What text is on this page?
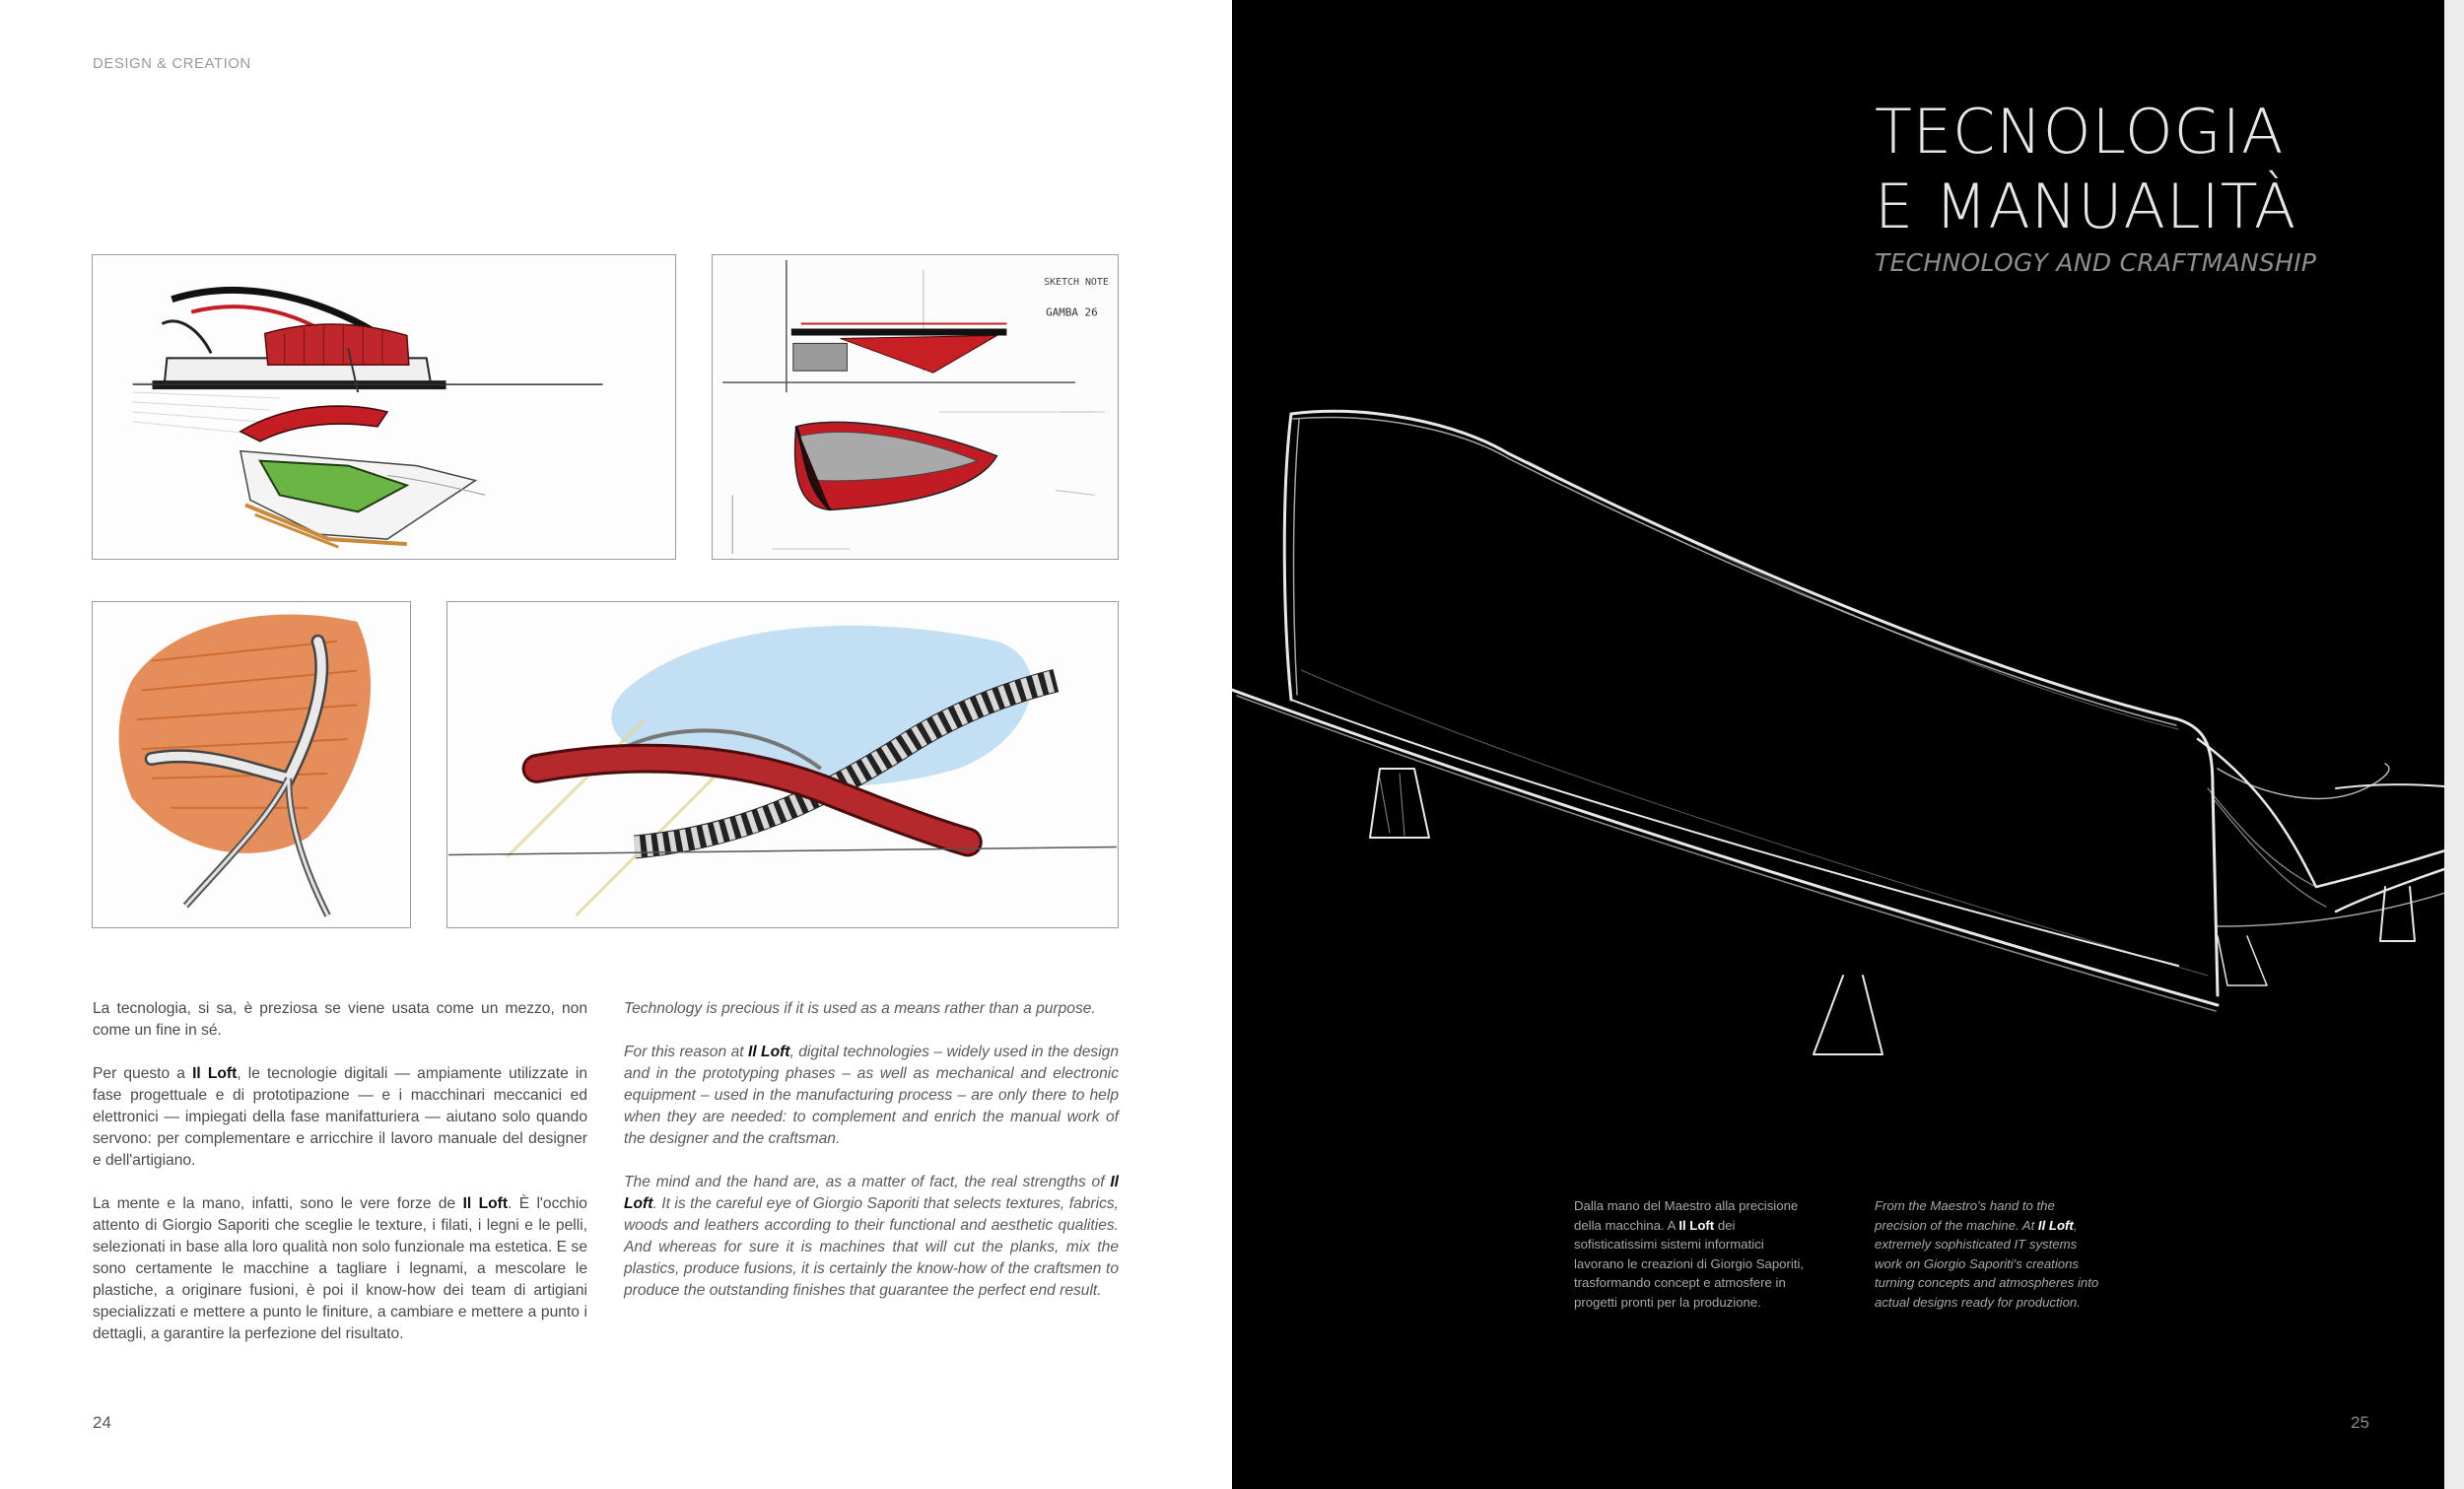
DESIGN & CREATION
SKETCH NOTE
GAMBA 26

La tecnologia, si sa, è preziosa se viene usata come un mezzo, non come un fine in sé.

Per questo a Il Loft, le tecnologie digitali — ampiamente utilizzate in fase progettuale e di prototipazione — e i macchinari meccanici ed elettronici — impiegati della fase manifatturiera — aiutano solo quando servono: per complementare e arricchire il lavoro manuale del designer e dell'artigiano.

La mente e la mano, infatti, sono le vere forze de Il Loft. È l'occhio attento di Giorgio Saporiti che sceglie le texture, i filati, i legni e le pelli, selezionati in base alla loro qualità non solo funzionale ma estetica. E se sono certamente le macchine a tagliare i legnami, a mescolare le plastiche, a originare fusioni, è poi il know-how dei team di artigiani specializzati e mettere a punto le finiture, a cambiare e mettere a punto i dettagli, a garantire la perfezione del risultato.

Technology is precious if it is used as a means rather than a purpose.

For this reason at Il Loft, digital technologies – widely used in the design and in the prototyping phases – as well as mechanical and electronic equipment – used in the manufacturing process – are only there to help when they are needed: to complement and enrich the manual work of the designer and the craftsman.

The mind and the hand are, as a matter of fact, the real strengths of Il Loft. It is the careful eye of Giorgio Saporiti that selects textures, fabrics, woods and leathers according to their functional and aesthetic qualities. And whereas for sure it is machines that will cut the planks, mix the plastics, produce fusions, it is certainly the know-how of the craftsmen to produce the outstanding finishes that guarantee the perfect end result.

24
TECNOLOGIA
E MANUALITÀ
TECHNOLOGY AND CRAFTMANSHIP
Dalla mano del Maestro alla precisione della macchina. A Il Loft dei sofisticatissimi sistemi informatici lavorano le creazioni di Giorgio Saporiti, trasformando concept e atmosfere in progetti pronti per la produzione.
From the Maestro's hand to the precision of the machine. At Il Loft, extremely sophisticated IT systems work on Giorgio Saporiti's creations turning concepts and atmospheres into actual designs ready for production.
25
